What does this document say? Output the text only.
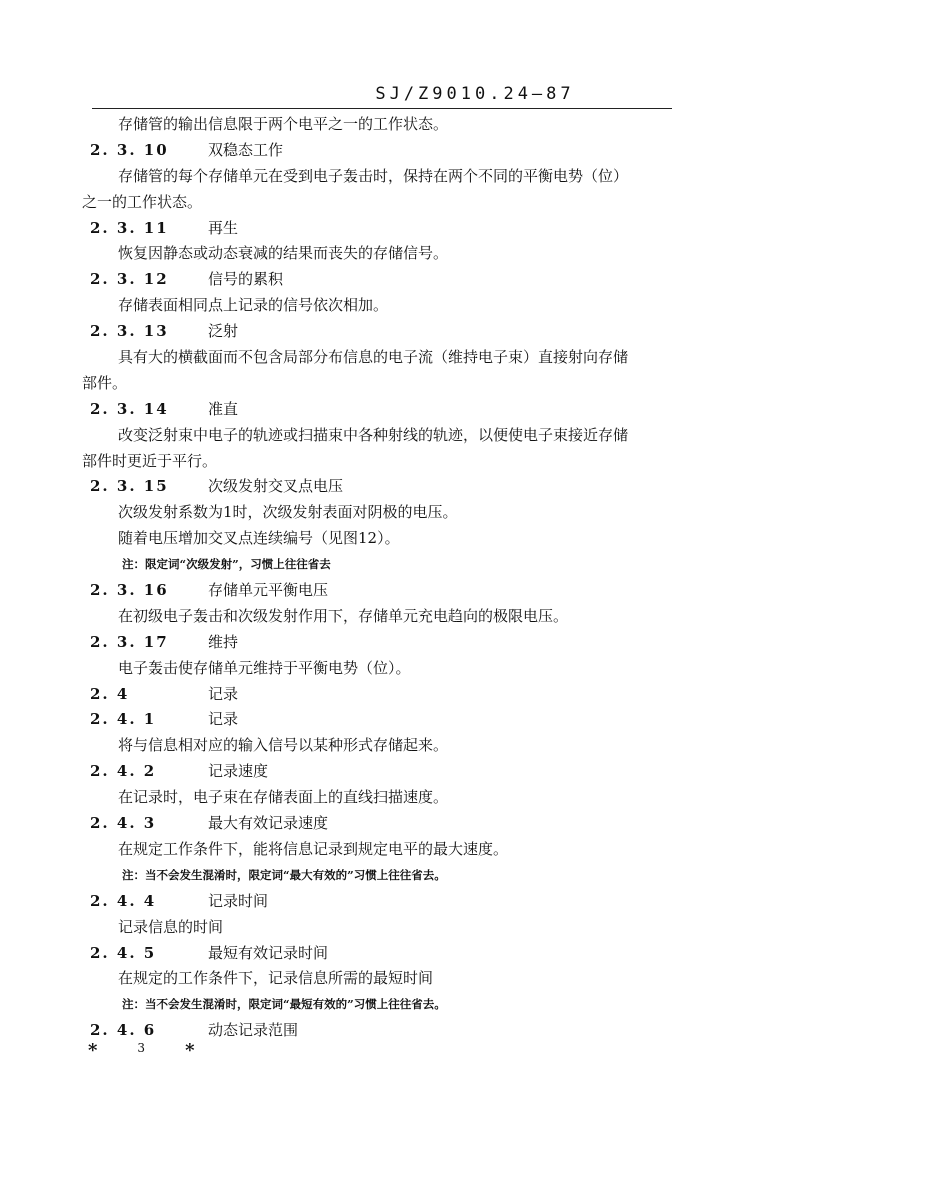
SJ/Z9010.24—87
存储管的输出信息限于两个电平之一的工作状态。
2. 3. 10	双稳态工作
存储管的每个存储单元在受到电子轰击时，保持在两个不同的平衡电势（位）
之一的工作状态。
2. 3. 11	再生
恢复因静态或动态衰减的结果而丧失的存储信号。
2. 3. 12	信号的累积
存储表面相同点上记录的信号依次相加。
2. 3. 13	泛射
具有大的横截面而不包含局部分布信息的电子流（维持电子束）直接射向存储
部件。
2. 3. 14	准直
改变泛射束中电子的轨迹或扫描束中各种射线的轨迹，以便使电子束接近存储
部件时更近于平行。
2. 3. 15	次级发射交叉点电压
次级发射系数为1时，次级发射表面对阴极的电压。
随着电压增加交叉点连续编号（见图12）。
注：限定词“次级发射”，习惯上往往省去
2. 3. 16	存储单元平衡电压
在初级电子轰击和次级发射作用下，存储单元充电趋向的极限电压。
2. 3. 17	维持
电子轰击使存储单元维持于平衡电势（位）。
2. 4	记录
2. 4. 1	记录
将与信息相对应的输入信号以某种形式存储起来。
2. 4. 2	记录速度
在记录时，电子束在存储表面上的直线扫描速度。
2. 4. 3	最大有效记录速度
在规定工作条件下，能将信息记录到规定电平的最大速度。
注：当不会发生混淆时，限定词“最大有效的”习惯上往往省去。
2. 4. 4	记录时间
记录信息的时间
2. 4. 5	最短有效记录时间
在规定的工作条件下，记录信息所需的最短时间
注：当不会发生混淆时，限定词“最短有效的”习惯上往往省去。
2. 4. 6	动态记录范围
*	3 *
